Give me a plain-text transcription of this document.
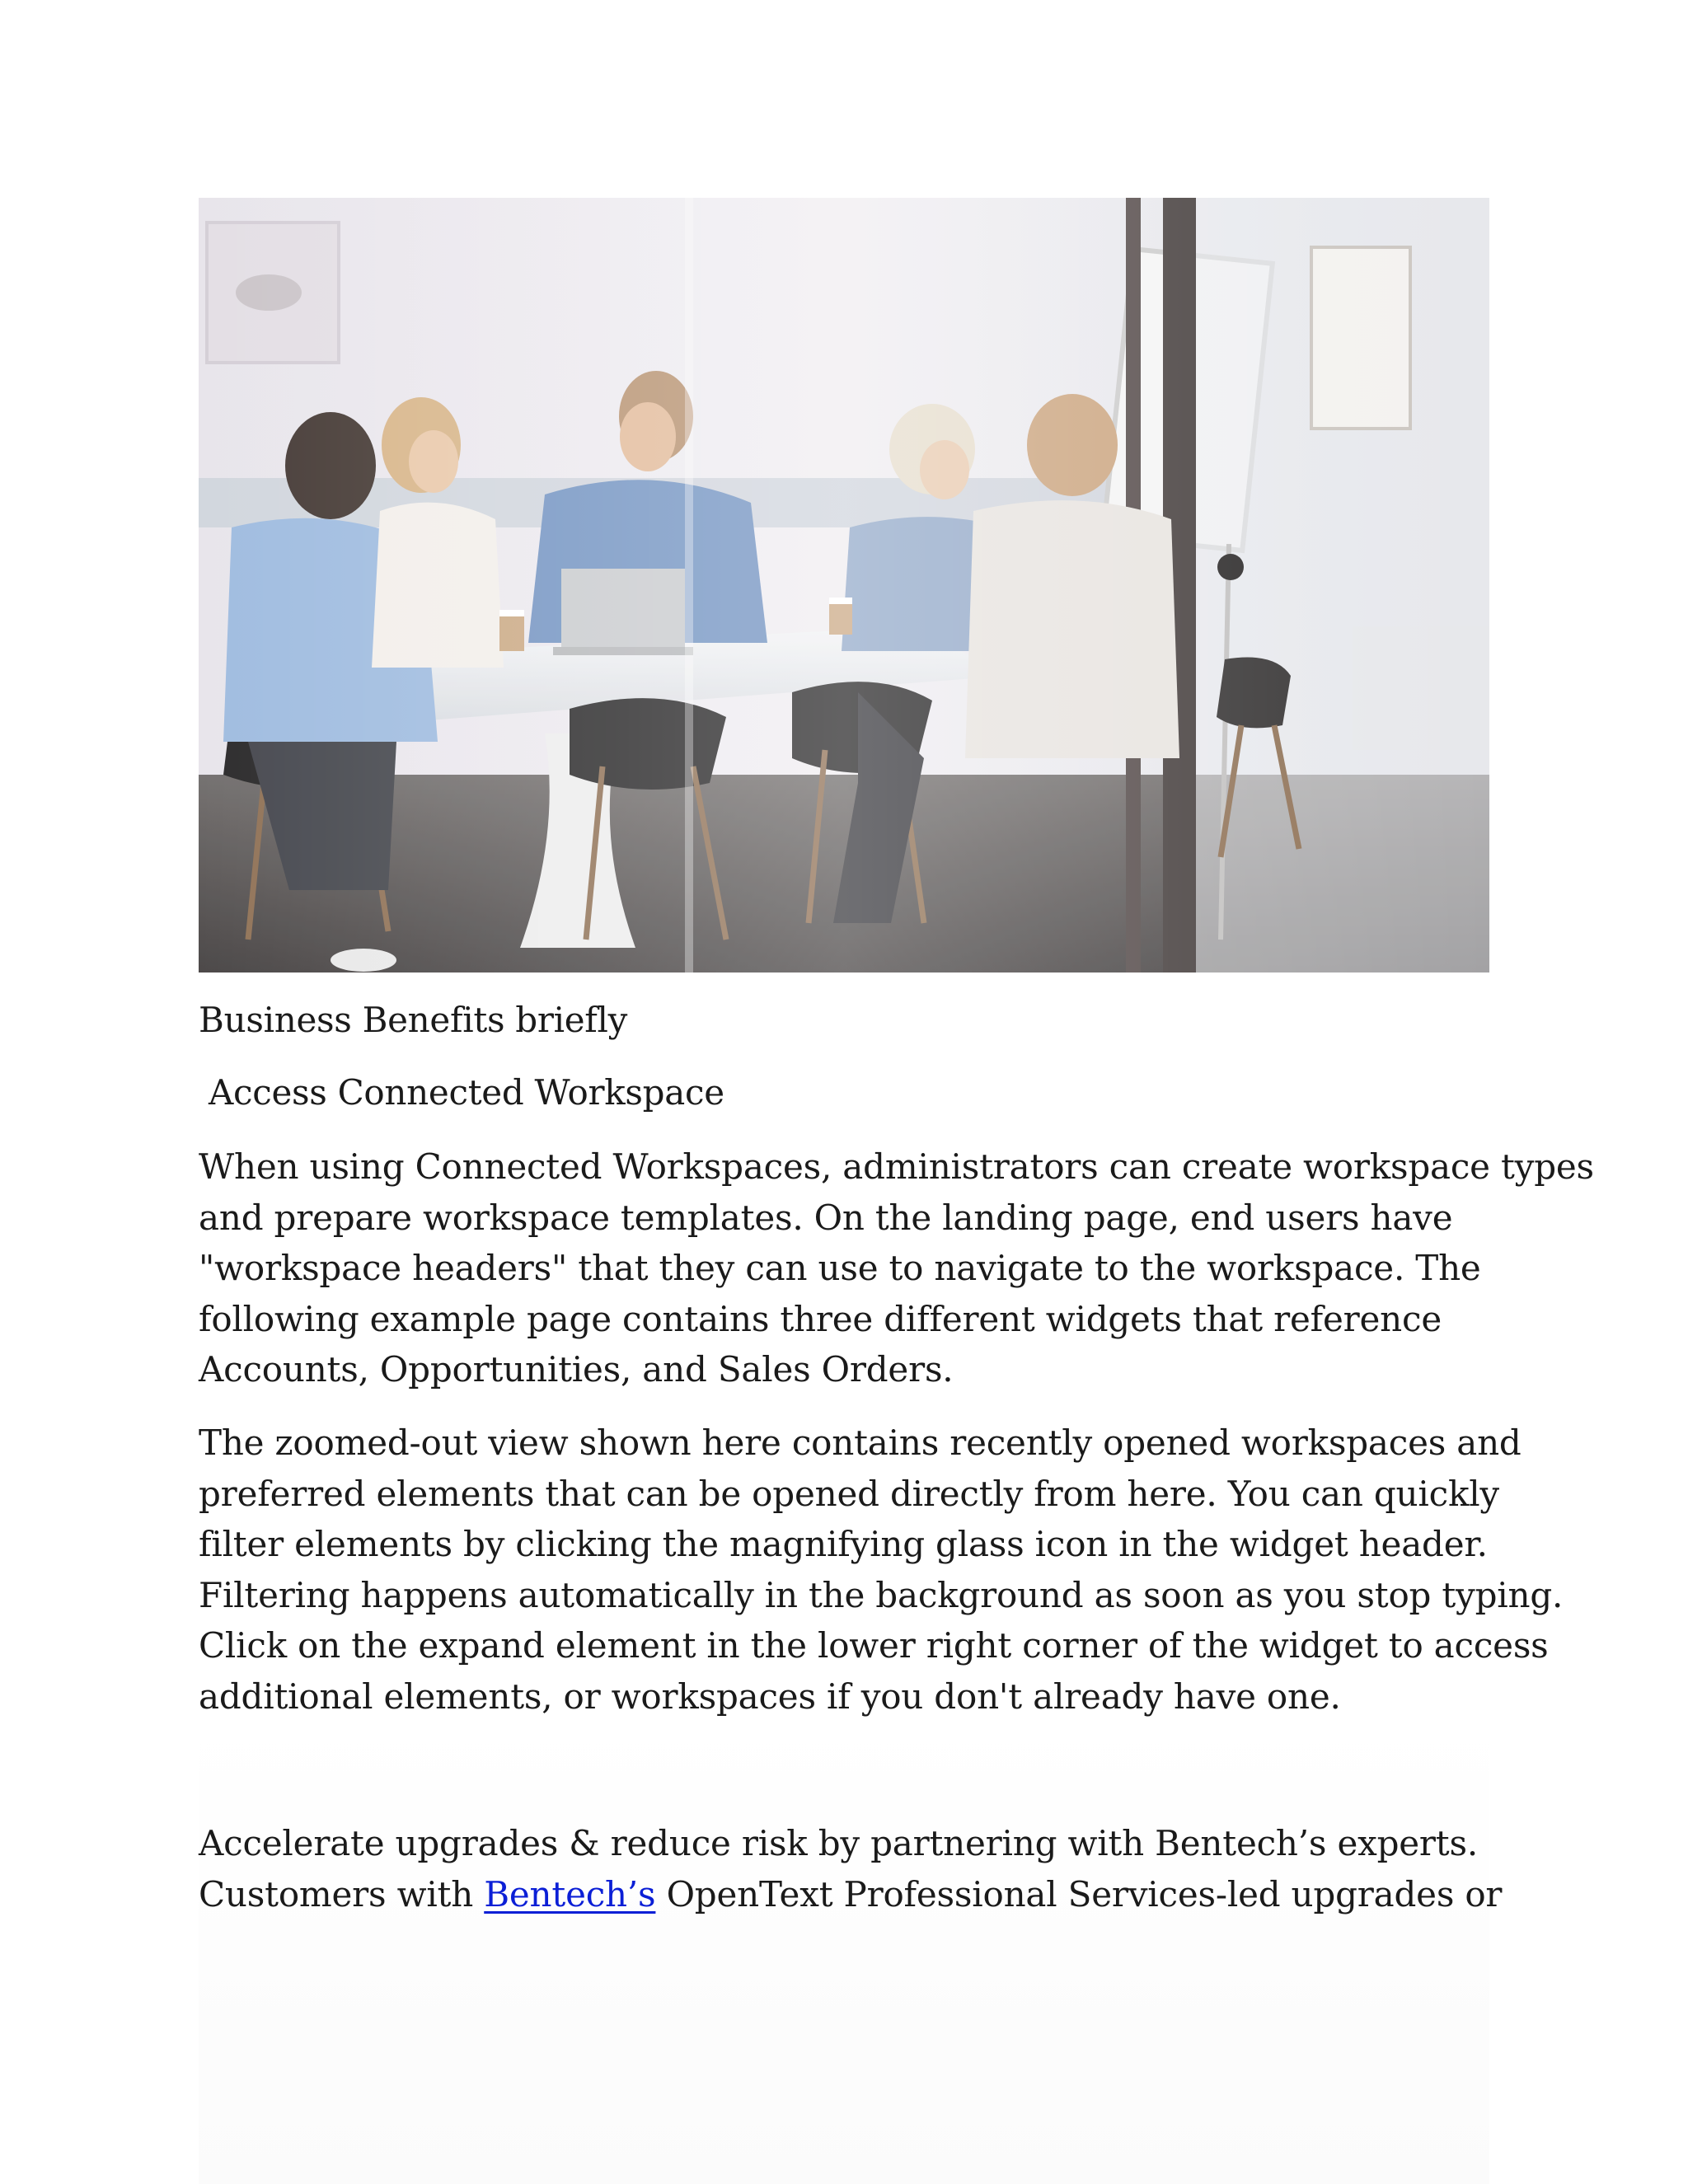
Business Benefits briefly
Access Connected Workspace

When using Connected Workspaces, administrators can create workspace types
and prepare workspace templates. On the landing page, end users have
"workspace headers" that they can use to navigate to the workspace. The
following example page contains three different widgets that reference
Accounts, Opportunities, and Sales Orders.

The zoomed-out view shown here contains recently opened workspaces and
preferred elements that can be opened directly from here. You can quickly
filter elements by clicking the magnifying glass icon in the widget header.
Filtering happens automatically in the background as soon as you stop typing.
Click on the expand element in the lower right corner of the widget to access
additional elements, or workspaces if you don't already have one.

Accelerate upgrades & reduce risk by partnering with Bentech’s experts.
Customers with Bentech’s OpenText Professional Services-led upgrades or
